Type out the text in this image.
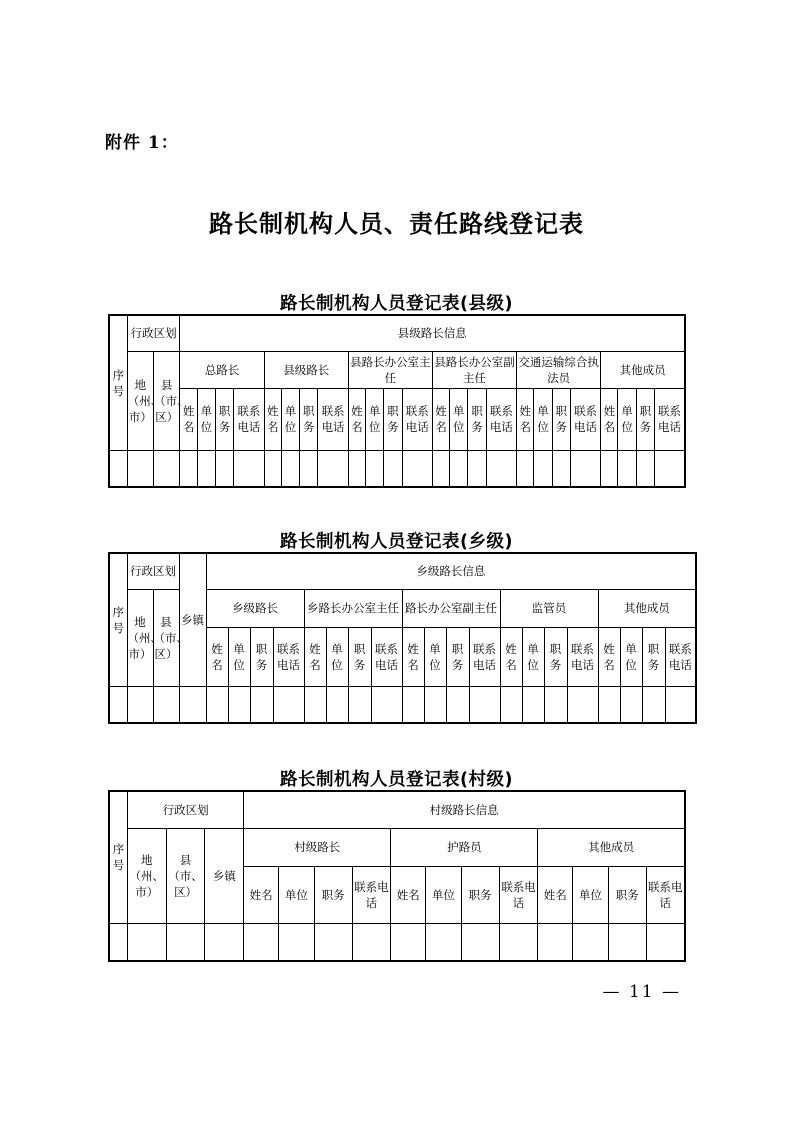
附件 1：
路长制机构人员、责任路线登记表
路长制机构人员登记表(县级)
序号	行政区划		县级路长信息																							
	地（州、市）	县（市、区）	总路长				县级路长				县路长办公室主任				县路长办公室副主任				交通运输综合执法员				其他成员			
			姓名	单位	职务	联系电话	姓名	单位	职务	联系电话	姓名	单位	职务	联系电话	姓名	单位	职务	联系电话	姓名	单位	职务	联系电话	姓名	单位	职务	联系电话

路长制机构人员登记表(乡级)
序号	行政区划		乡镇	乡级路长信息																			
	地（州、市）	县（市、区）		乡级路长				乡路长办公室主任				路长办公室副主任				监管员				其他成员			
				姓名	单位	职务	联系电话	姓名	单位	职务	联系电话	姓名	单位	职务	联系电话	姓名	单位	职务	联系电话	姓名	单位	职务	联系电话

路长制机构人员登记表(村级)
序号	行政区划			村级路长信息											
	地（州、市）	县（市、区）	乡镇	村级路长				护路员				其他成员			
				姓名	单位	职务	联系电话	姓名	单位	职务	联系电话	姓名	单位	职务	联系电话

— 11 —
